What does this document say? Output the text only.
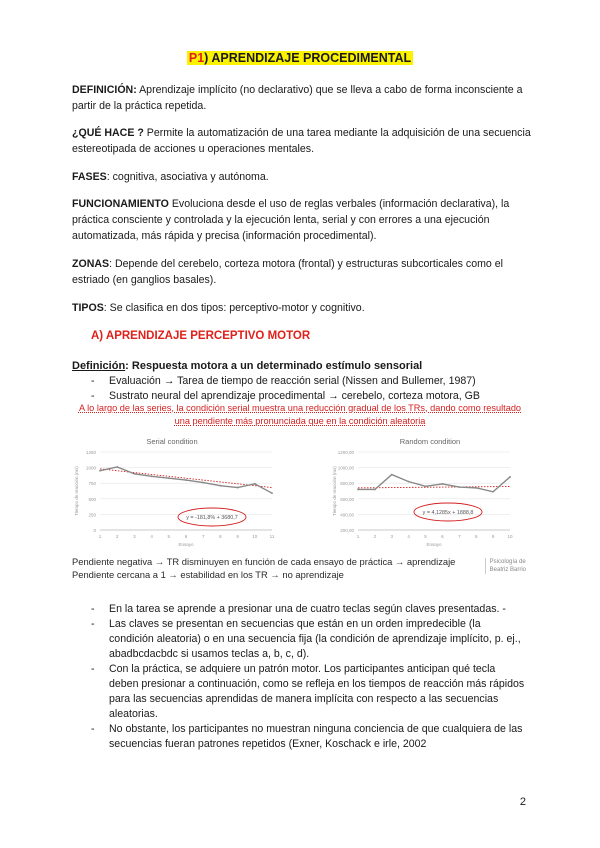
P1) APRENDIZAJE PROCEDIMENTAL

DEFINICIÓN: Aprendizaje implícito (no declarativo) que se lleva a cabo de forma inconsciente a partir de la práctica repetida.

¿QUÉ HACE ? Permite la automatización de una tarea mediante la adquisición de una secuencia estereotipada de acciones u operaciones mentales.

FASES: cognitiva, asociativa y autónoma.

FUNCIONAMIENTO Evoluciona desde el uso de reglas verbales (información declarativa), la práctica consciente y controlada y la ejecución lenta, serial y con errores a una ejecución automatizada, más rápida y precisa (información procedimental).

ZONAS: Depende del cerebelo, corteza motora (frontal) y estructuras subcorticales como el estriado (en ganglios basales).

TIPOS: Se clasifica en dos tipos: perceptivo-motor y cognitivo.

A) APRENDIZAJE PERCEPTIVO MOTOR
Definición: Respuesta motora a un determinado estímulo sensorial
- Evaluación → Tarea de tiempo de reacción serial (Nissen and Bullemer, 1987)
- Sustrato neural del aprendizaje procedimental → cerebelo, corteza motora, GB
A lo largo de las series, la condición serial muestra una reducción gradual de los TRs, dando como resultado una pendiente más pronunciada que en la condición aleatoria
Serial condition
0
250
500
750
1000
1250
1	2	3	4	5	6	7	8	9	10	11
Ensayo
Tiempo de reacción (ms)
y = -181,8% + 3680,7
Random condition
200,00
400,00
600,00
800,00
1000,00
1200,00
1	2	3	4	5	6	7	8	9	10
Ensayo
Tiempo de reacción (ms)	y = 4,1285x + 1888,8
Pendiente negativa → TR disminuyen en función de cada ensayo de práctica → aprendizaje
Pendiente cercana a 1 → estabilidad en los TR → no aprendizaje
Psicología de
Beatriz Barrio
- En la tarea se aprende a presionar una de cuatro teclas según claves presentadas. -
- Las claves se presentan en secuencias que están en un orden impredecible (la condición aleatoria) o en una secuencia fija (la condición de aprendizaje implícito, p. ej., abadbcdacbdc si usamos teclas a, b, c, d).
- Con la práctica, se adquiere un patrón motor. Los participantes anticipan qué tecla deben presionar a continuación, como se refleja en los tiempos de reacción más rápidos para las secuencias aprendidas de manera implícita con respecto a las secuencias aleatorias.
- No obstante, los participantes no muestran ninguna conciencia de que cualquiera de las secuencias fueran patrones repetidos (Exner, Koschack e irle, 2002
2
